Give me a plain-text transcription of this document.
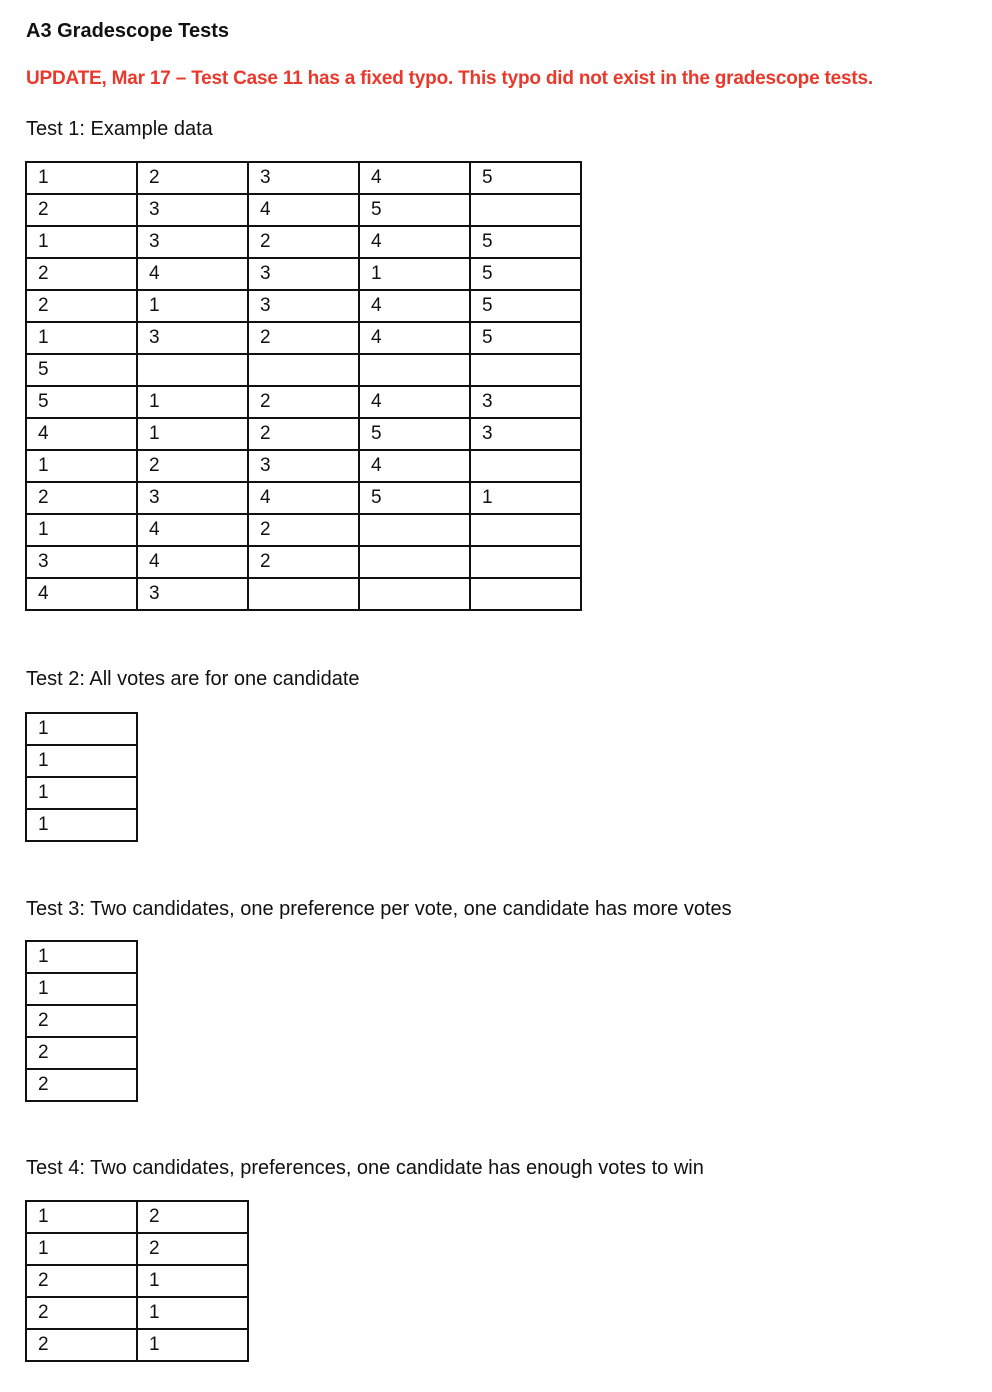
A3 Gradescope Tests
UPDATE, Mar 17 – Test Case 11 has a fixed typo. This typo did not exist in the gradescope tests.
Test 1: Example data
1	2	3	4	5
2	3	4	5	
1	3	2	4	5
2	4	3	1	5
2	1	3	4	5
1	3	2	4	5
5				
5	1	2	4	3
4	1	2	5	3
1	2	3	4	
2	3	4	5	1
1	4	2		
3	4	2		
4	3			
Test 2: All votes are for one candidate
1
1
1
1
Test 3: Two candidates, one preference per vote, one candidate has more votes
1
1
2
2
2
Test 4: Two candidates, preferences, one candidate has enough votes to win
1	2
1	2
2	1
2	1
2	1
